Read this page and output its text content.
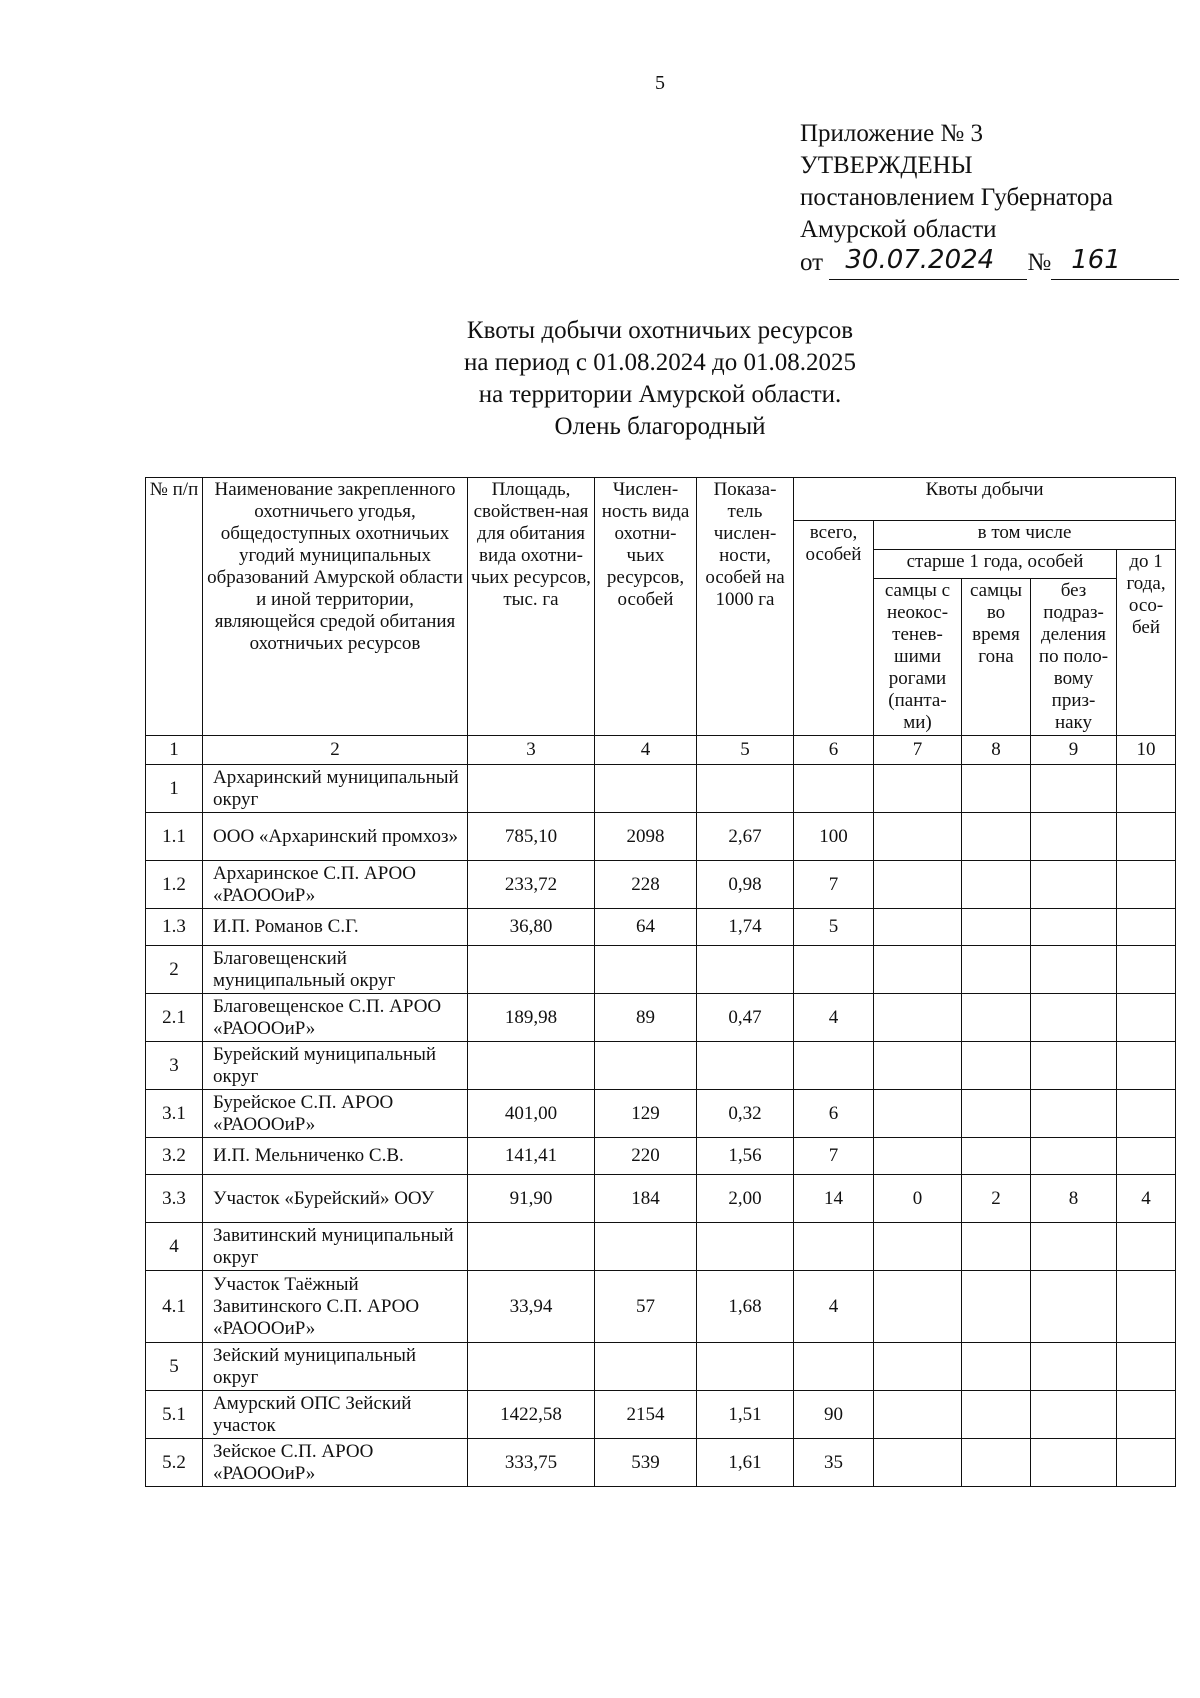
5
Приложение № 3
УТВЕРЖДЕНЫ
постановлением Губернатора
Амурской области
от 30.07.2024 № 161
Квоты добычи охотничьих ресурсов
на период с 01.08.2024 до 01.08.2025
на территории Амурской области.
Олень благородный
№ п/п	Наименование закрепленного охотничьего угодья, общедоступных охотничьих угодий муниципальных образований Амурской области и иной территории, являющейся средой обитания охотничьих ресурсов	Площадь, свойствен-ная для обитания вида охотни-чьих ресурсов, тыс. га	Числен-ность вида охотни-чьих ресурсов, особей	Показа-тель числен-ности, особей на 1000 га	Квоты добычи				
					всего, особей	в том числе			
						старше 1 года, особей			до 1 года, осо-бей
						самцы с неокос-тенев-шими рогами (панта-ми)	самцы во время гона	без подраз-деления по поло-вому приз-наку	
1	2	3	4	5	6	7	8	9	10
1	Архаринский муниципальный округ								
1.1	ООО «Архаринский промхоз»	785,10	2098	2,67	100				
1.2	Архаринское С.П. АРОО «РАОООиР»	233,72	228	0,98	7				
1.3	И.П. Романов С.Г.	36,80	64	1,74	5				
2	Благовещенский муниципальный округ								
2.1	Благовещенское С.П. АРОО «РАОООиР»	189,98	89	0,47	4				
3	Бурейский муниципальный округ								
3.1	Бурейское С.П. АРОО «РАОООиР»	401,00	129	0,32	6				
3.2	И.П. Мельниченко С.В.	141,41	220	1,56	7				
3.3	Участок «Бурейский» ООУ	91,90	184	2,00	14	0	2	8	4
4	Завитинский муниципальный округ								
4.1	Участок Таёжный Завитинского С.П. АРОО «РАОООиР»	33,94	57	1,68	4				
5	Зейский муниципальный округ								
5.1	Амурский ОПС Зейский участок	1422,58	2154	1,51	90				
5.2	Зейское С.П. АРОО «РАОООиР»	333,75	539	1,61	35				
